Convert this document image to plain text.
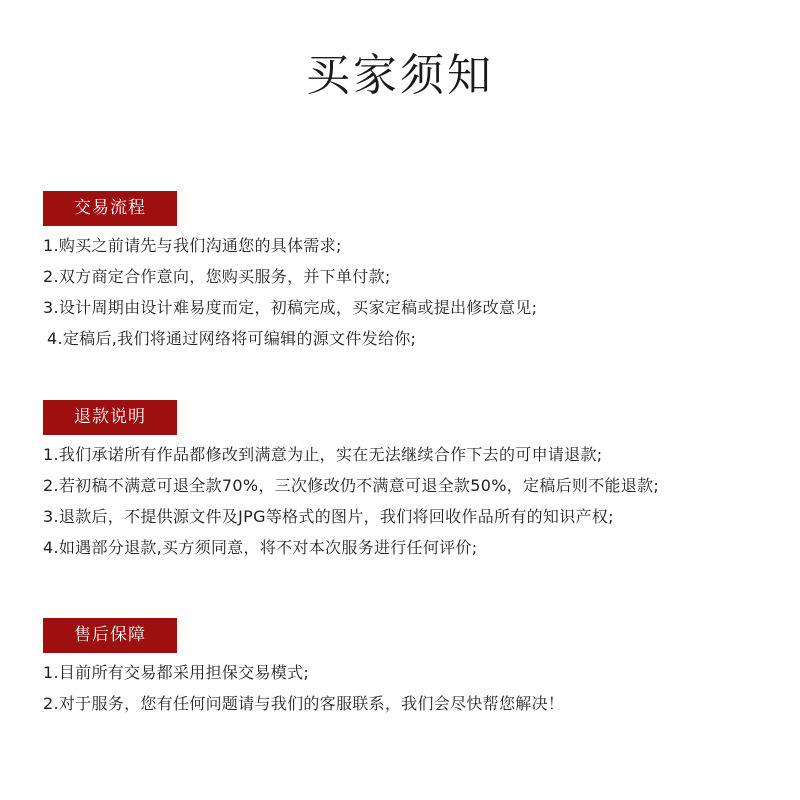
买家须知
交易流程
1.购买之前请先与我们沟通您的具体需求;
2.双方商定合作意向，您购买服务，并下单付款;
3.设计周期由设计难易度而定，初稿完成，买家定稿或提出修改意见;
4.定稿后,我们将通过网络将可编辑的源文件发给你;
退款说明
1.我们承诺所有作品都修改到满意为止，实在无法继续合作下去的可申请退款;
2.若初稿不满意可退全款70%，三次修改仍不满意可退全款50%，定稿后则不能退款;
3.退款后，不提供源文件及JPG等格式的图片，我们将回收作品所有的知识产权;
4.如遇部分退款,买方须同意，将不对本次服务进行任何评价;
售后保障
1.目前所有交易都采用担保交易模式;
2.对于服务，您有任何问题请与我们的客服联系，我们会尽快帮您解决！
